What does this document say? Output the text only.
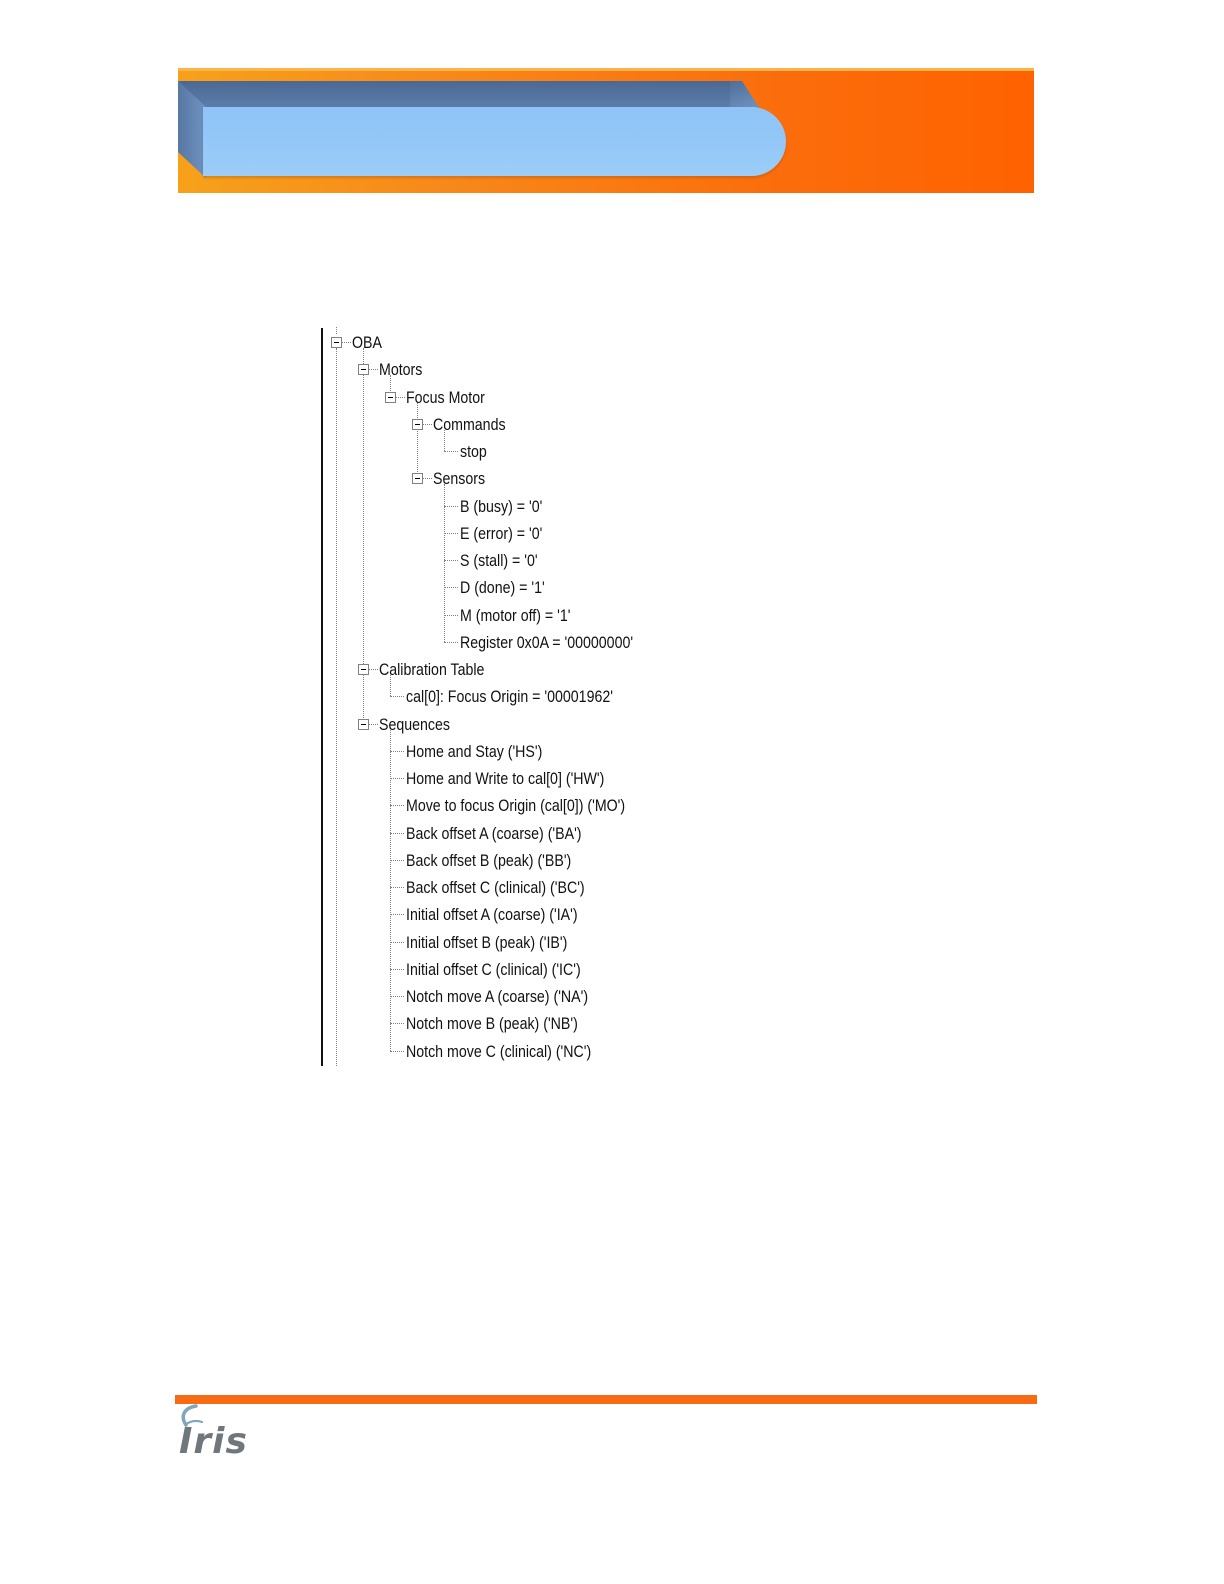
OBA
Motors
Focus Motor
Commands
stop
Sensors
B (busy) = '0'
E (error) = '0'
S (stall) = '0'
D (done) = '1'
M (motor off) = '1'
Register 0x0A = '00000000'
Calibration Table
cal[0]: Focus Origin = '00001962'
Sequences
Home and Stay ('HS')
Home and Write to cal[0] ('HW')
Move to focus Origin (cal[0]) ('MO')
Back offset A (coarse) ('BA')
Back offset B (peak) ('BB')
Back offset C (clinical) ('BC')
Initial offset A (coarse) ('IA')
Initial offset B (peak) ('IB')
Initial offset C (clinical) ('IC')
Notch move A (coarse) ('NA')
Notch move B (peak) ('NB')
Notch move C (clinical) ('NC')
Iris
